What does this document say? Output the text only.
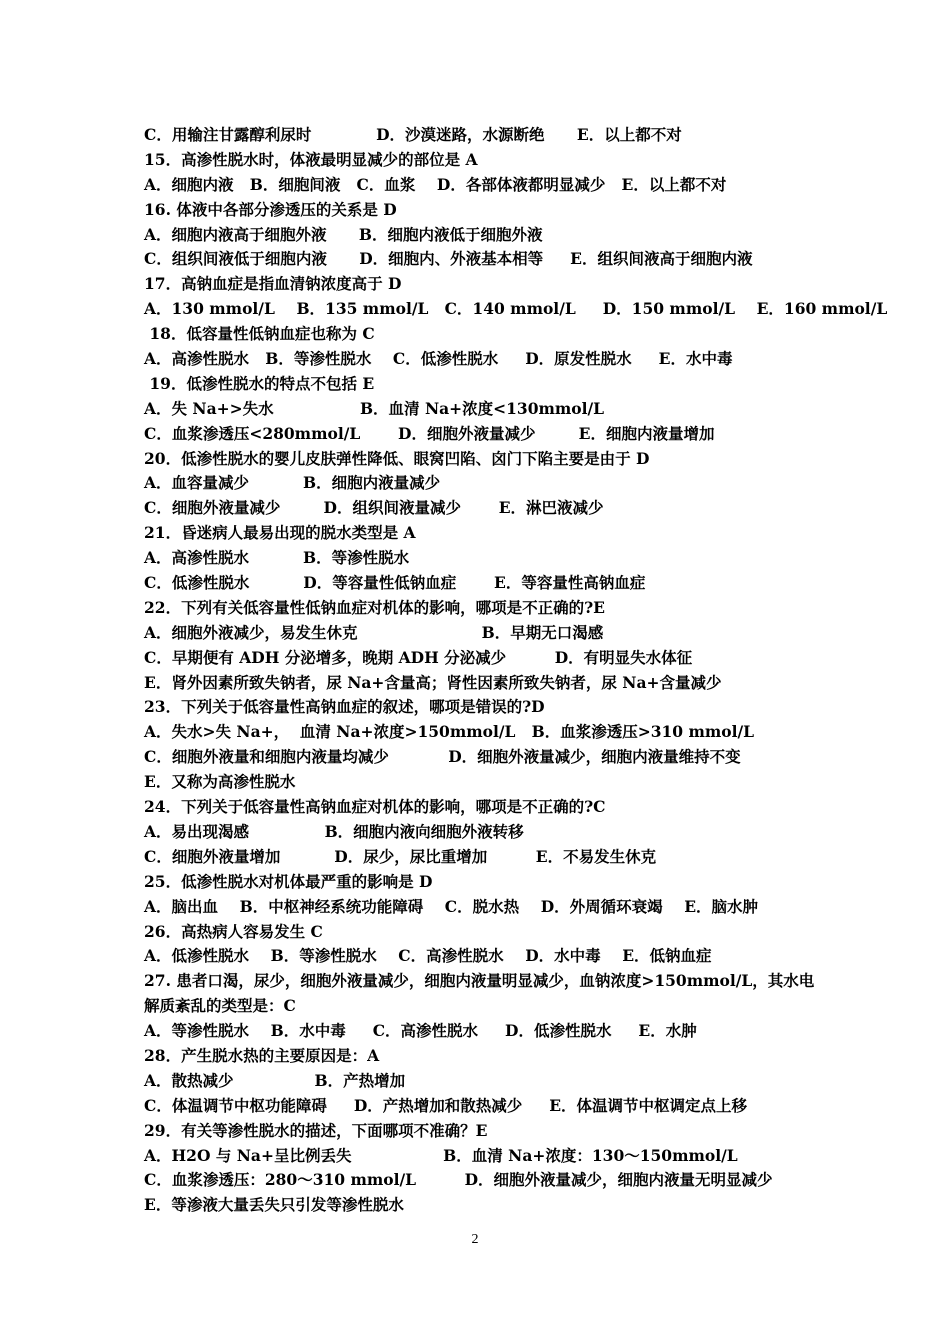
C．用输注甘露醇利尿时            D．沙漠迷路，水源断绝      E．以上都不对
15．高渗性脱水时，体液最明显减少的部位是 A
A．细胞内液   B．细胞间液   C．血浆    D．各部体液都明显减少   E．以上都不对
16. 体液中各部分渗透压的关系是 D
A．细胞内液高于细胞外液      B．细胞内液低于细胞外液
C．组织间液低于细胞内液      D．细胞内、外液基本相等     E．组织间液高于细胞内液
17．高钠血症是指血清钠浓度高于 D
A．130 mmol/L    B．135 mmol/L   C．140 mmol/L     D．150 mmol/L    E．160 mmol/L
18．低容量性低钠血症也称为 C
A．高渗性脱水   B．等渗性脱水    C．低渗性脱水     D．原发性脱水     E．水中毒
19．低渗性脱水的特点不包括 E
A．失 Na+>失水                B．血清 Na+浓度<130mmol/L
C．血浆渗透压<280mmol/L       D．细胞外液量减少        E．细胞内液量增加
20．低渗性脱水的婴儿皮肤弹性降低、眼窝凹陷、囟门下陷主要是由于 D
A．血容量减少          B．细胞内液量减少
C．细胞外液量减少        D．组织间液量减少       E．淋巴液减少
21．昏迷病人最易出现的脱水类型是 A
A．高渗性脱水          B．等渗性脱水
C．低渗性脱水          D．等容量性低钠血症       E．等容量性高钠血症
22．下列有关低容量性低钠血症对机体的影响，哪项是不正确的?E
A．细胞外液减少，易发生休克                       B．早期无口渴感
C．早期便有 ADH 分泌增多，晚期 ADH 分泌减少         D．有明显失水体征
E．肾外因素所致失钠者，尿 Na+含量高；肾性因素所致失钠者，尿 Na+含量减少
23．下列关于低容量性高钠血症的叙述，哪项是错误的?D
A．失水>失 Na+，  血清 Na+浓度>150mmol/L   B．血浆渗透压>310 mmol/L
C．细胞外液量和细胞内液量均减少           D．细胞外液量减少，细胞内液量维持不变
E．又称为高渗性脱水
24．下列关于低容量性高钠血症对机体的影响，哪项是不正确的?C
A．易出现渴感              B．细胞内液向细胞外液转移
C．细胞外液量增加          D．尿少，尿比重增加         E．不易发生休克
25．低渗性脱水对机体最严重的影响是 D
A．脑出血    B．中枢神经系统功能障碍    C．脱水热    D．外周循环衰竭    E．脑水肿
26．高热病人容易发生 C
A．低渗性脱水    B．等渗性脱水    C．高渗性脱水    D．水中毒    E．低钠血症
27. 患者口渴，尿少，细胞外液量减少，细胞内液量明显减少，血钠浓度>150mmol/L，其水电
解质紊乱的类型是：C
A．等渗性脱水    B．水中毒     C．高渗性脱水     D．低渗性脱水     E．水肿
28．产生脱水热的主要原因是：A
A．散热减少               B．产热增加
C．体温调节中枢功能障碍     D．产热增加和散热减少     E．体温调节中枢调定点上移
29．有关等渗性脱水的描述，下面哪项不准确？E
A．H2O 与 Na+呈比例丢失                 B．血清 Na+浓度：130～150mmol/L
C．血浆渗透压：280～310 mmol/L         D．细胞外液量减少，细胞内液量无明显减少
E．等渗液大量丢失只引发等渗性脱水
2
